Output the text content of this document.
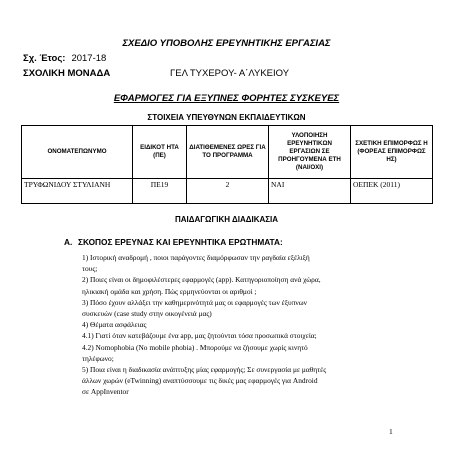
ΣΧΕΔΙΟ ΥΠΟΒΟΛΗΣ ΕΡΕΥΝΗΤΙΚΗΣ ΕΡΓΑΣΙΑΣ
Σχ. Έτος: 2017-18
ΣΧΟΛΙΚΗ ΜΟΝΑΔΑ	ΓΕΛ ΤΥΧΕΡΟΥ- Α΄ΛΥΚΕΙΟΥ
ΕΦΑΡΜΟΓΕΣ ΓΙΑ ΕΞΥΠΝΕΣ ΦΟΡΗΤΕΣ ΣΥΣΚΕΥΕΣ
ΣΤΟΙΧΕΙΑ ΥΠΕΥΘΥΝΩΝ ΕΚΠΑΙΔΕΥΤΙΚΩΝ
ΟΝΟΜΑΤΕΠΩΝΥΜΟ	ΕΙΔΙΚΟΤ ΗΤΑ (ΠΕ)	ΔΙΑΤΙΘΕΜΕΝΕΣ ΩΡΕΣ ΓΙΑ ΤΟ ΠΡΟΓΡΑΜΜΑ	ΥΛΟΠΟΙΗΣΗ ΕΡΕΥΝΗΤΙΚΩΝ ΕΡΓΑΣΙΩΝ ΣΕ ΠΡΟΗΓΟΥΜΕΝΑ ΕΤΗ (ΝΑΙ/ΟΧΙ)	ΣΧΕΤΙΚΗ ΕΠΙΜΟΡΦΩΣ Η (ΦΟΡΕΑΣ ΕΠΙΜΟΡΦΩΣ ΗΣ)
ΤΡΥΦΩΝΙΔΟΥ ΣΤΥΛΙΑΝΗ	ΠΕ19	2	ΝΑΙ	ΟΕΠΕΚ (2011)
ΠΑΙΔΑΓΩΓΙΚΗ ΔΙΑΔΙΚΑΣΙΑ
Α. ΣΚΟΠΟΣ ΕΡΕΥΝΑΣ ΚΑΙ ΕΡΕΥΝΗΤΙΚΑ ΕΡΩΤΗΜΑΤΑ:
1) Ιστορική αναδρομή , ποιοι παράγοντες διαμόρφωσαν την ραγδαία εξέλιξή
τους;
2) Ποιες είναι οι δημοφιλέστερες εφαρμογές (app). Κατηγοριοποίηση ανά χώρα,
ηλικιακή ομάδα και χρήση. Πώς ερμηνεύονται οι αριθμοί ;
3) Πόσο έχουν αλλάξει την καθημερινότητά μας οι εφαρμογές των έξυπνων
συσκευών (case study στην οικογένειά μας)
4) Θέματα ασφάλειας
4.1) Γιατί όταν κατεβάζουμε ένα app, μας ζητούνται τόσα προσωπικά στοιχεία;
4.2) Nomophobia (No mobile phobia) . Μπορούμε να ζήσουμε χωρίς κινητό
τηλέφωνο;
5) Ποια είναι η διαδικασία ανάπτυξης μίας εφαρμογής; Σε συνεργασία με μαθητές
άλλων χωρών (eTwinning) αναπτύσσουμε τις δικές μας εφαρμογές για Android
σε AppInventor
1
